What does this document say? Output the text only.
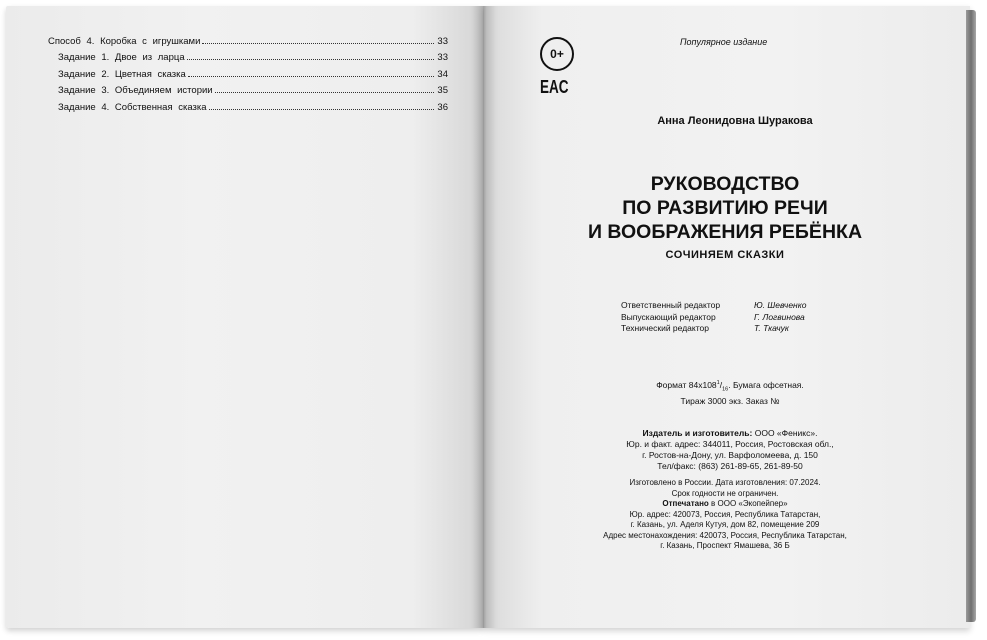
Способ 4. Коробка с игрушками	33
Задание 1. Двое из ларца	33
Задание 2. Цветная сказка	34
Задание 3. Объединяем истории	35
Задание 4. Собственная сказка	36
0+
EAC
Популярное издание
Анна Леонидовна Шуракова
РУКОВОДСТВО
ПО РАЗВИТИЮ РЕЧИ
И ВООБРАЖЕНИЯ РЕБЁНКА
СОЧИНЯЕМ СКАЗКИ
Ответственный редактор	Ю. Шевченко
Выпускающий редактор	Г. Логвинова
Технический редактор	Т. Ткачук
Формат $84х108^1/_{16}$. Бумага офсетная.
Тираж 3000 экз. Заказ №
Издатель и изготовитель: ООО «Феникс».
Юр. и факт. адрес: 344011, Россия, Ростовская обл.,
г. Ростов-на-Дону, ул. Варфоломеева, д. 150
Тел/факс: (863) 261-89-65, 261-89-50
Изготовлено в России. Дата изготовления: 07.2024.
Срок годности не ограничен.
Отпечатано в ООО «Экопейпер»
Юр. адрес: 420073, Россия, Республика Татарстан,
г. Казань, ул. Аделя Кутуя, дом 82, помещение 209
Адрес местонахождения: 420073, Россия, Республика Татарстан,
г. Казань, Проспект Ямашева, 36 Б
